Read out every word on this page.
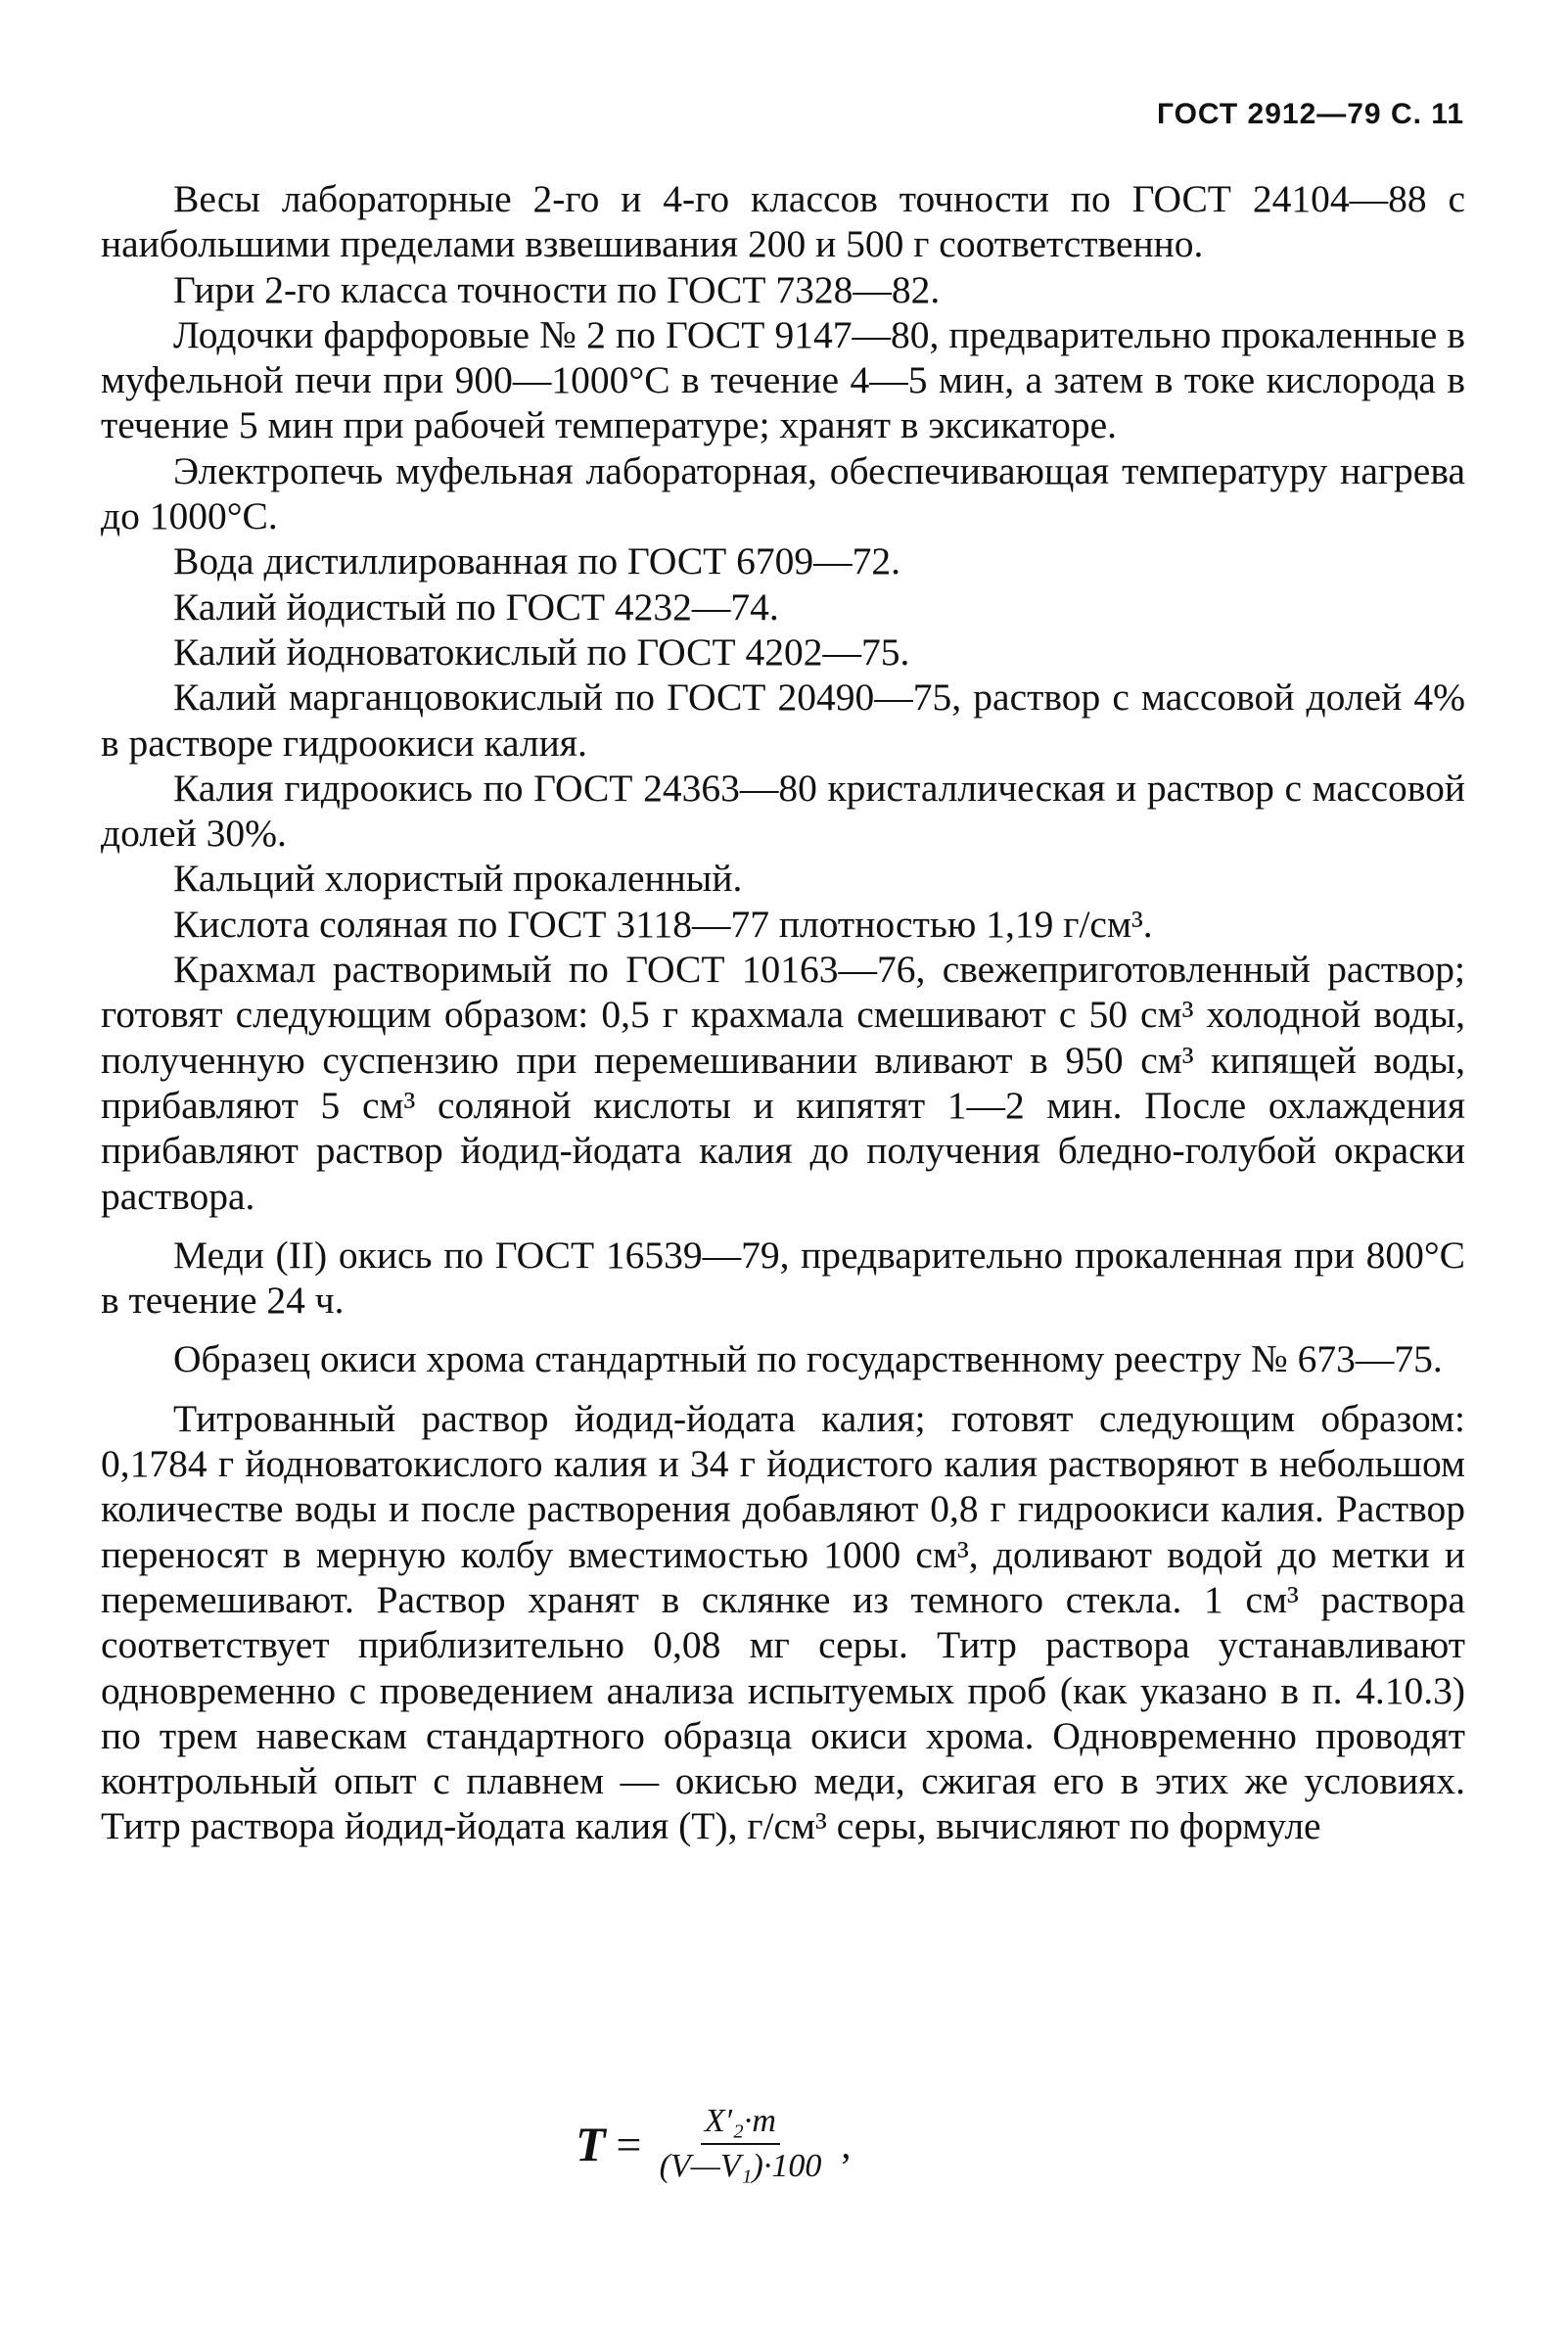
ГОСТ 2912—79 С. 11

Весы лабораторные 2-го и 4-го классов точности по ГОСТ 24104—88 с наибольшими пределами взвешивания 200 и 500 г соответственно.

Гири 2-го класса точности по ГОСТ 7328—82.

Лодочки фарфоровые № 2 по ГОСТ 9147—80, предварительно прокаленные в муфельной печи при 900—1000°С в течение 4—5 мин, а затем в токе кислорода в течение 5 мин при рабочей температуре; хранят в эксикаторе.

Электропечь муфельная лабораторная, обеспечивающая температуру нагрева до 1000°С.

Вода дистиллированная по ГОСТ 6709—72.

Калий йодистый по ГОСТ 4232—74.

Калий йодноватокислый по ГОСТ 4202—75.

Калий марганцовокислый по ГОСТ 20490—75, раствор с массовой долей 4% в растворе гидроокиси калия.

Калия гидроокись по ГОСТ 24363—80 кристаллическая и раствор с массовой долей 30%.

Кальций хлористый прокаленный.

Кислота соляная по ГОСТ 3118—77 плотностью 1,19 г/см³.

Крахмал растворимый по ГОСТ 10163—76, свежеприготовленный раствор; готовят следующим образом: 0,5 г крахмала смешивают с 50 см³ холодной воды, полученную суспензию при перемешивании вливают в 950 см³ кипящей воды, прибавляют 5 см³ соляной кислоты и кипятят 1—2 мин. После охлаждения прибавляют раствор йодид-йодата калия до получения бледно-голубой окраски раствора.

Меди (II) окись по ГОСТ 16539—79, предварительно прокаленная при 800°С в течение 24 ч.

Образец окиси хрома стандартный по государственному реестру № 673—75.

Титрованный раствор йодид-йодата калия; готовят следующим образом: 0,1784 г йодноватокислого калия и 34 г йодистого калия растворяют в небольшом количестве воды и после растворения добавляют 0,8 г гидроокиси калия. Раствор переносят в мерную колбу вместимостью 1000 см³, доливают водой до метки и перемешивают. Раствор хранят в склянке из темного стекла. 1 см³ раствора соответствует приблизительно 0,08 мг серы. Титр раствора устанавливают одновременно с проведением анализа испытуемых проб (как указано в п. 4.10.3) по трем навескам стандартного образца окиси хрома. Одновременно проводят контрольный опыт с плавнем — окисью меди, сжигая его в этих же условиях. Титр раствора йодид-йодата калия (Т), г/см³ серы, вычисляют по формуле

$T = \frac{\text{X′₂·m}}{\text{(V—V₁)·100}}$ ,
